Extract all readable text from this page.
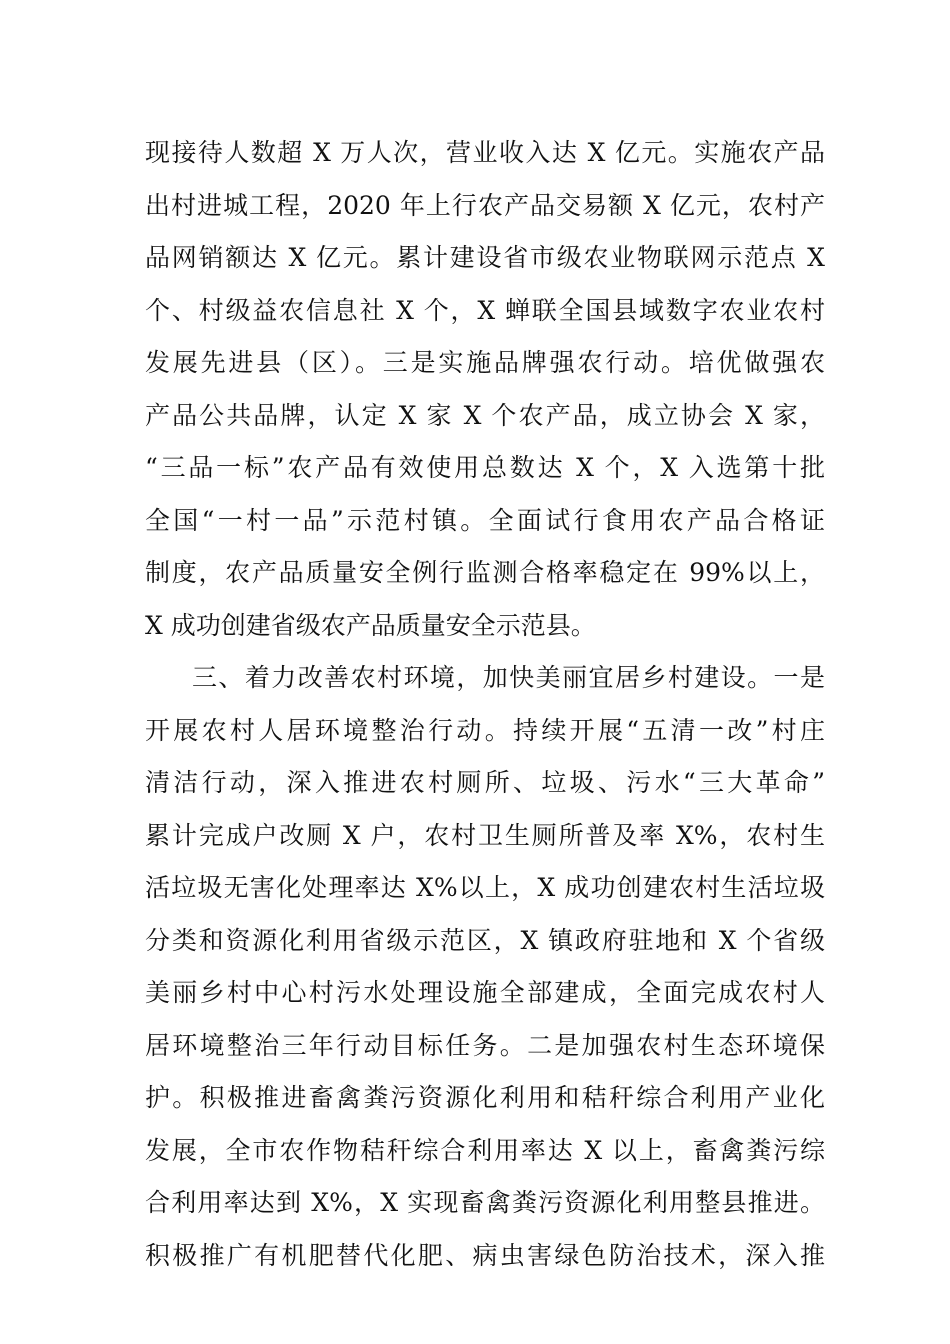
现接待人数超 X 万人次，营业收入达 X 亿元。实施农产品
出村进城工程，2020 年上行农产品交易额 X 亿元，农村产
品网销额达 X 亿元。累计建设省市级农业物联网示范点 X
个、村级益农信息社 X 个，X 蝉联全国县域数字农业农村
发展先进县（区）。三是实施品牌强农行动。培优做强农
产品公共品牌，认定 X 家 X 个农产品，成立协会 X 家，
“三品一标”农产品有效使用总数达 X 个，X 入选第十批
全国“一村一品”示范村镇。全面试行食用农产品合格证
制度，农产品质量安全例行监测合格率稳定在 99%以上，
X 成功创建省级农产品质量安全示范县。
三、着力改善农村环境，加快美丽宜居乡村建设。一是
开展农村人居环境整治行动。持续开展“五清一改”村庄
清洁行动，深入推进农村厕所、垃圾、污水“三大革命”
累计完成户改厕 X 户，农村卫生厕所普及率 X%，农村生
活垃圾无害化处理率达 X%以上，X 成功创建农村生活垃圾
分类和资源化利用省级示范区，X 镇政府驻地和 X 个省级
美丽乡村中心村污水处理设施全部建成，全面完成农村人
居环境整治三年行动目标任务。二是加强农村生态环境保
护。积极推进畜禽粪污资源化利用和秸秆综合利用产业化
发展，全市农作物秸秆综合利用率达 X 以上，畜禽粪污综
合利用率达到 X%，X 实现畜禽粪污资源化利用整县推进。
积极推广有机肥替代化肥、病虫害绿色防治技术，深入推
